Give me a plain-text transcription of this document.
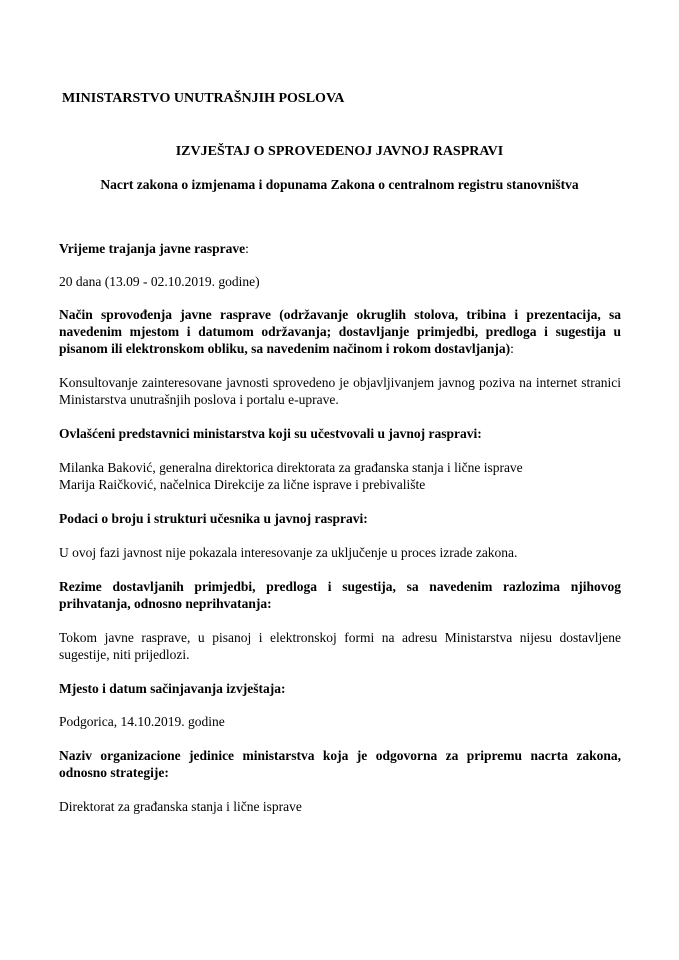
MINISTARSTVO UNUTRAŠNJIH POSLOVA
IZVJEŠTAJ O SPROVEDENOJ JAVNOJ RASPRAVI
Nacrt zakona o izmjenama i dopunama Zakona o centralnom registru stanovništva
Vrijeme trajanja javne rasprave:
20 dana (13.09 - 02.10.2019. godine)
Način sprovođenja javne rasprave (održavanje okruglih stolova, tribina i prezentacija, sa navedenim mjestom i datumom održavanja; dostavljanje primjedbi, predloga i sugestija u pisanom ili elektronskom obliku, sa navedenim načinom i rokom dostavljanja):
Konsultovanje zainteresovane javnosti sprovedeno je objavljivanjem javnog poziva na internet stranici Ministarstva unutrašnjih poslova i portalu e-uprave.
Ovlašćeni predstavnici ministarstva koji su učestvovali u javnoj raspravi:
Milanka Baković, generalna direktorica direktorata za građanska stanja i lične isprave
Marija Raičković, načelnica Direkcije za lične isprave i prebivalište
Podaci o broju i strukturi učesnika u javnoj raspravi:
U ovoj fazi javnost nije pokazala interesovanje za uključenje u proces izrade zakona.
Rezime dostavljanih primjedbi, predloga i sugestija, sa navedenim razlozima njihovog prihvatanja, odnosno neprihvatanja:
Tokom javne rasprave, u pisanoj i elektronskoj formi na adresu Ministarstva nijesu dostavljene sugestije, niti prijedlozi.
Mjesto i datum sačinjavanja izvještaja:
Podgorica, 14.10.2019. godine
Naziv organizacione jedinice ministarstva koja je odgovorna za pripremu nacrta zakona, odnosno strategije:
Direktorat za građanska stanja i lične isprave
